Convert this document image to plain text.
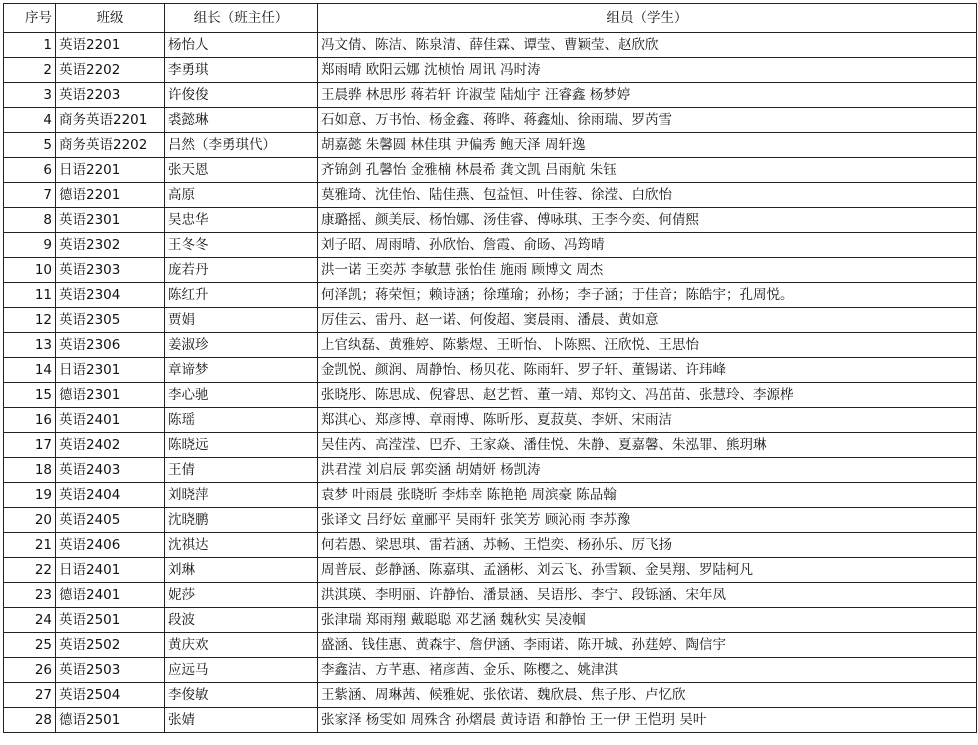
序号	班级	组长（班主任）	组员（学生）
1	英语2201	杨怡人	冯文倩、陈洁、陈泉清、薛佳霖、谭莹、曹颖莹、赵欣欣
2	英语2202	李勇琪	郑雨晴 欧阳云娜 沈桢怡 周讯 冯时涛
3	英语2203	许俊俊	王晨骅 林思彤 蒋若轩 许淑莹 陆灿宇 汪睿鑫 杨梦婷
4	商务英语2201	裘懿琳	石如意、万书怡、杨金鑫、蒋晔、蒋鑫灿、徐雨瑞、罗芮雪
5	商务英语2202	吕然（李勇琪代）	胡嘉懿 朱馨圆 林佳琪 尹偏秀 鲍天泽 周轩逸
6	日语2201	张天恩	齐锦剑 孔馨怡 金雅楠 林晨希 龚文凯 吕雨航 朱钰
7	德语2201	高原	莫雅琦、沈佳怡、陆佳燕、包益恒、叶佳蓉、徐滢、白欣怡
8	英语2301	吴忠华	康璐摇、颜美辰、杨怡娜、汤佳睿、傅咏琪、王李今奕、何倩熙
9	英语2302	王冬冬	刘子昭、周雨晴、孙欣怡、詹霞、俞旸、冯筠晴
10	英语2303	庞若丹	洪一诺 王奕苏 李敏慧 张怡佳 施雨 顾博文 周杰
11	英语2304	陈红升	何泽凯；蒋荣恒；赖诗涵；徐瑾瑜；孙杨；李子涵；于佳音；陈皓宇；孔周悦。
12	英语2305	贾娟	厉佳云、雷丹、赵一诺、何俊超、窦晨雨、潘晨、黄如意
13	英语2306	姜淑珍	上官纨磊、黄雅婷、陈紫煜、王昕怡、卜陈熙、汪欣悦、王思怡
14	日语2301	章谛梦	金凯悦、颜润、周静怡、杨贝花、陈雨轩、罗子轩、董锡诺、许玮峰
15	德语2301	李心驰	张晓彤、陈思成、倪睿思、赵艺哲、董一靖、郑钧文、冯茁苗、张慧玲、李源桦
16	英语2401	陈瑶	郑淇心、郑彦博、章雨博、陈昕彤、夏菽莫、李妍、宋雨洁
17	英语2402	陈晓远	吴佳芮、高滢滢、巴乔、王家焱、潘佳悦、朱静、夏嘉馨、朱泓罪、熊玥琳
18	英语2403	王倩	洪君滢 刘启辰 郭奕涵 胡婧妍 杨凯涛
19	英语2404	刘晓萍	袁梦 叶雨晨 张晓昕 李炜幸 陈艳艳 周滨豪 陈品翰
20	英语2405	沈晓鹏	张译文 吕纾妘 童郦平 吴雨轩 张笑芳 顾沁雨 李苏豫
21	英语2406	沈祺达	何若愚、梁思琪、雷若涵、苏畅、王恺奕、杨孙乐、厉飞扬
22	日语2401	刘琳	周普辰、彭静涵、陈嘉琪、孟涵彬、刘云飞、孙雪颖、金昊翔、罗陆柯凡
23	德语2401	妮莎	洪淇瑛、李明丽、许静怡、潘景涵、吴语彤、李宁、段铄涵、宋年凤
24	英语2501	段波	张津瑞 郑雨翔 戴聪聪 邓艺涵 魏秋实 吴凌帼
25	英语2502	黄庆欢	盛涵、钱佳惠、黄森宇、詹伊涵、李雨诺、陈开城、孙莛婷、陶信宇
26	英语2503	应远马	李鑫洁、方芊惠、褚彦茜、金乐、陈樱之、姚津淇
27	英语2504	李俊敏	王紫涵、周琳茜、候雅妮、张依诺、魏欣晨、焦子彤、卢忆欣
28	德语2501	张婧	张家泽 杨雯如 周殊含 孙熠晨 黄诗语 和静怡 王一伊 王恺玥 吴叶
